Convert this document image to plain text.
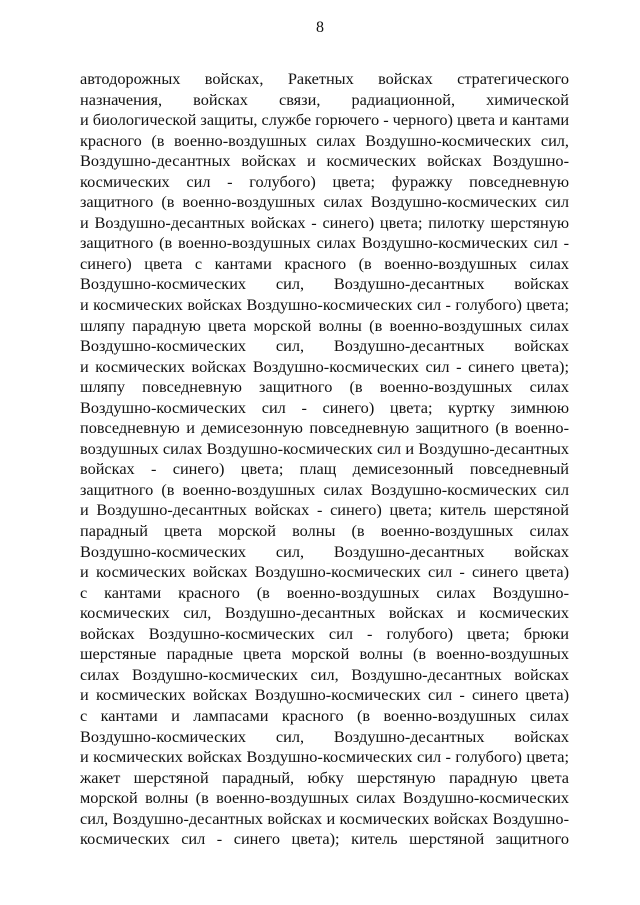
8
автодорожных войсках, Ракетных войсках стратегического
назначения, войсках связи, радиационной, химической
и биологической защиты, службе горючего - черного) цвета и кантами
красного (в военно-воздушных силах Воздушно-космических сил,
Воздушно-десантных войсках и космических войсках Воздушно-
космических сил - голубого) цвета; фуражку повседневную
защитного (в военно-воздушных силах Воздушно-космических сил
и Воздушно-десантных войсках - синего) цвета; пилотку шерстяную
защитного (в военно-воздушных силах Воздушно-космических сил -
синего) цвета с кантами красного (в военно-воздушных силах
Воздушно-космических сил, Воздушно-десантных войсках
и космических войсках Воздушно-космических сил - голубого) цвета;
шляпу парадную цвета морской волны (в военно-воздушных силах
Воздушно-космических сил, Воздушно-десантных войсках
и космических войсках Воздушно-космических сил - синего цвета);
шляпу повседневную защитного (в военно-воздушных силах
Воздушно-космических сил - синего) цвета; куртку зимнюю
повседневную и демисезонную повседневную защитного (в военно-
воздушных силах Воздушно-космических сил и Воздушно-десантных
войсках - синего) цвета; плащ демисезонный повседневный
защитного (в военно-воздушных силах Воздушно-космических сил
и Воздушно-десантных войсках - синего) цвета; китель шерстяной
парадный цвета морской волны (в военно-воздушных силах
Воздушно-космических сил, Воздушно-десантных войсках
и космических войсках Воздушно-космических сил - синего цвета)
с кантами красного (в военно-воздушных силах Воздушно-
космических сил, Воздушно-десантных войсках и космических
войсках Воздушно-космических сил - голубого) цвета; брюки
шерстяные парадные цвета морской волны (в военно-воздушных
силах Воздушно-космических сил, Воздушно-десантных войсках
и космических войсках Воздушно-космических сил - синего цвета)
с кантами и лампасами красного (в военно-воздушных силах
Воздушно-космических сил, Воздушно-десантных войсках
и космических войсках Воздушно-космических сил - голубого) цвета;
жакет шерстяной парадный, юбку шерстяную парадную цвета
морской волны (в военно-воздушных силах Воздушно-космических
сил, Воздушно-десантных войсках и космических войсках Воздушно-
космических сил - синего цвета); китель шерстяной защитного
